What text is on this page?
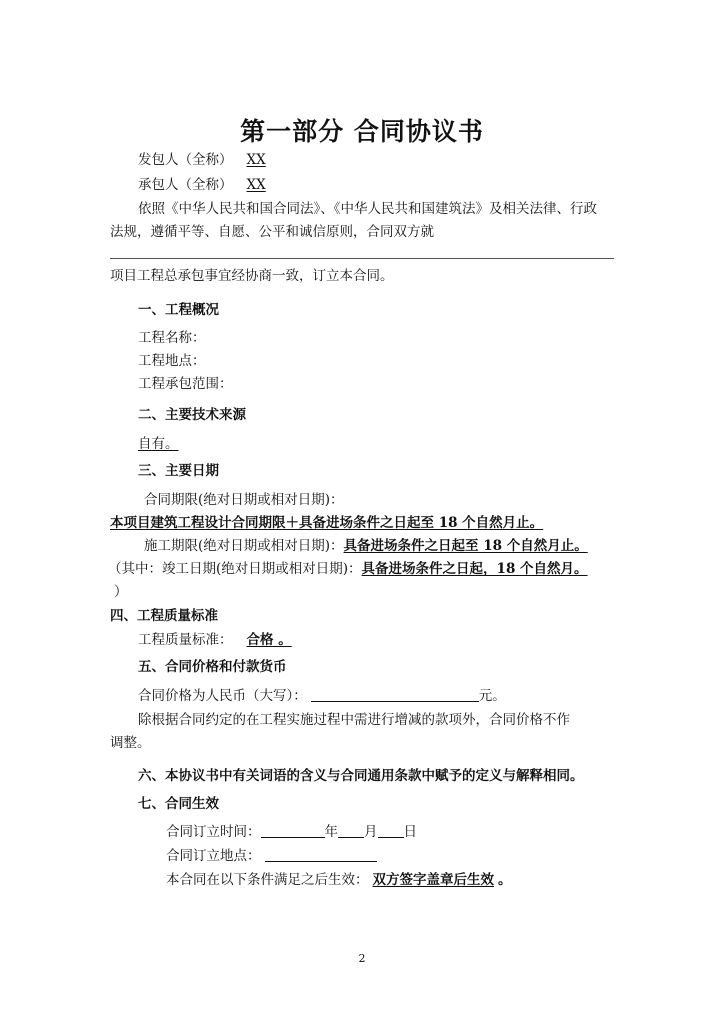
第一部分 合同协议书
发包人（全称） XX
承包人（全称） XX
依照《中华人民共和国合同法》、《中华人民共和国建筑法》及相关法律、行政
法规，遵循平等、自愿、公平和诚信原则，合同双方就
项目工程总承包事宜经协商一致，订立本合同。
一、工程概况
工程名称：
工程地点：
工程承包范围：
二、主要技术来源
自有。
三、主要日期
合同期限(绝对日期或相对日期)：
本项目建筑工程设计合同期限＋具备进场条件之日起至 18 个自然月止。
施工期限(绝对日期或相对日期)：具备进场条件之日起至 18 个自然月止。
（其中：竣工日期(绝对日期或相对日期)：具备进场条件之日起，18 个自然月。
）
四、工程质量标准
工程质量标准： 合格 。
五、合同价格和付款货币
合同价格为人民币（大写）：	元。
除根据合同约定的在工程实施过程中需进行增减的款项外，合同价格不作
调整。
六、本协议书中有关词语的含义与合同通用条款中赋予的定义与解释相同。
七、合同生效
合同订立时间：	年 月 日
合同订立地点：
本合同在以下条件满足之后生效： 双方签字盖章后生效 。
2
